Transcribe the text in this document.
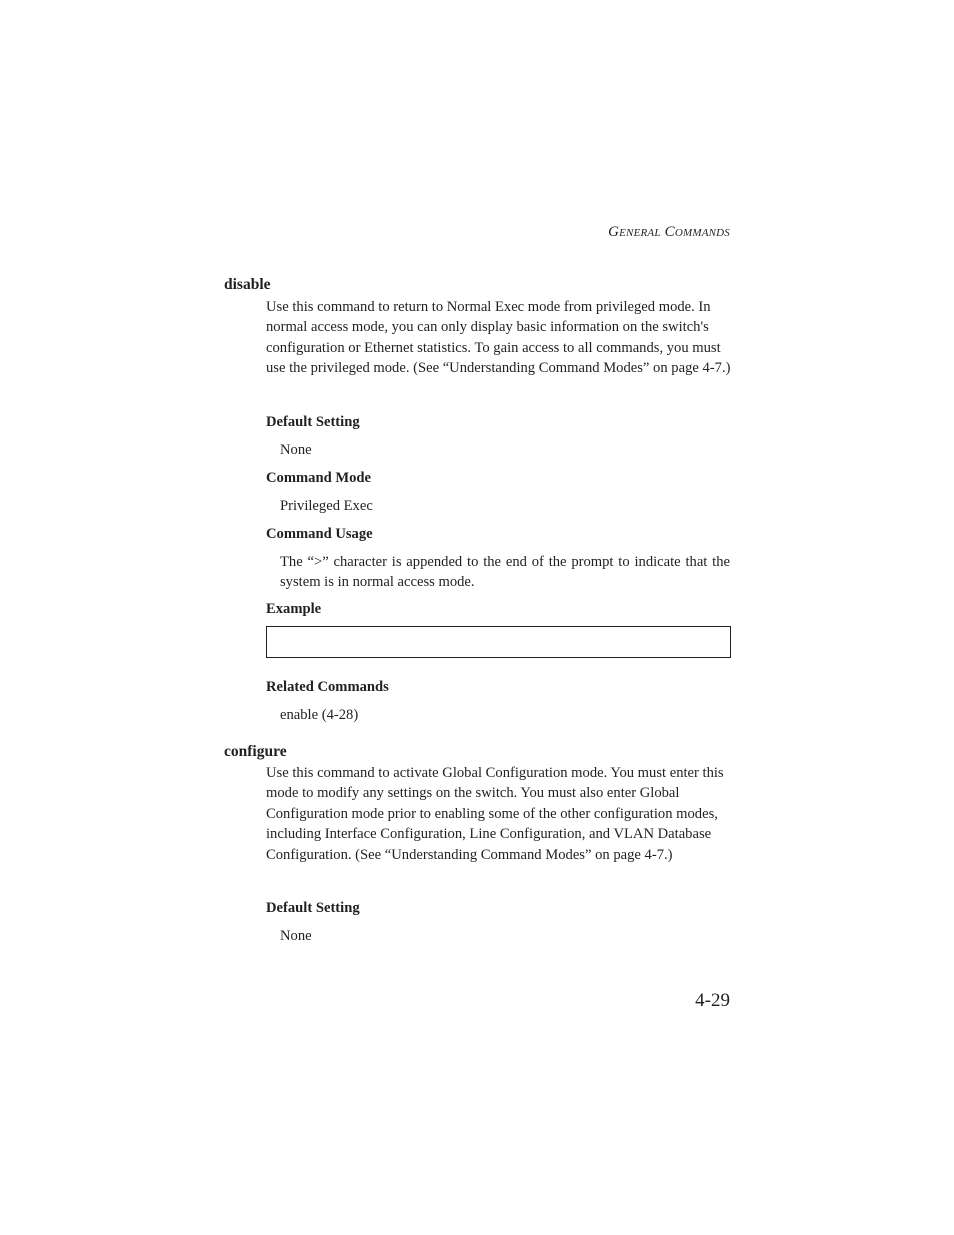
General Commands
disable
Use this command to return to Normal Exec mode from privileged mode. In normal access mode, you can only display basic information on the switch's configuration or Ethernet statistics. To gain access to all commands, you must use the privileged mode. (See “Understanding Command Modes” on page 4-7.)
Default Setting
None
Command Mode
Privileged Exec
Command Usage
The “>” character is appended to the end of the prompt to indicate that the system is in normal access mode.
Example
Related Commands
enable (4-28)
configure
Use this command to activate Global Configuration mode. You must enter this mode to modify any settings on the switch. You must also enter Global Configuration mode prior to enabling some of the other configuration modes, including Interface Configuration, Line Configuration, and VLAN Database Configuration. (See “Understanding Command Modes” on page 4-7.)
Default Setting
None
4-29
